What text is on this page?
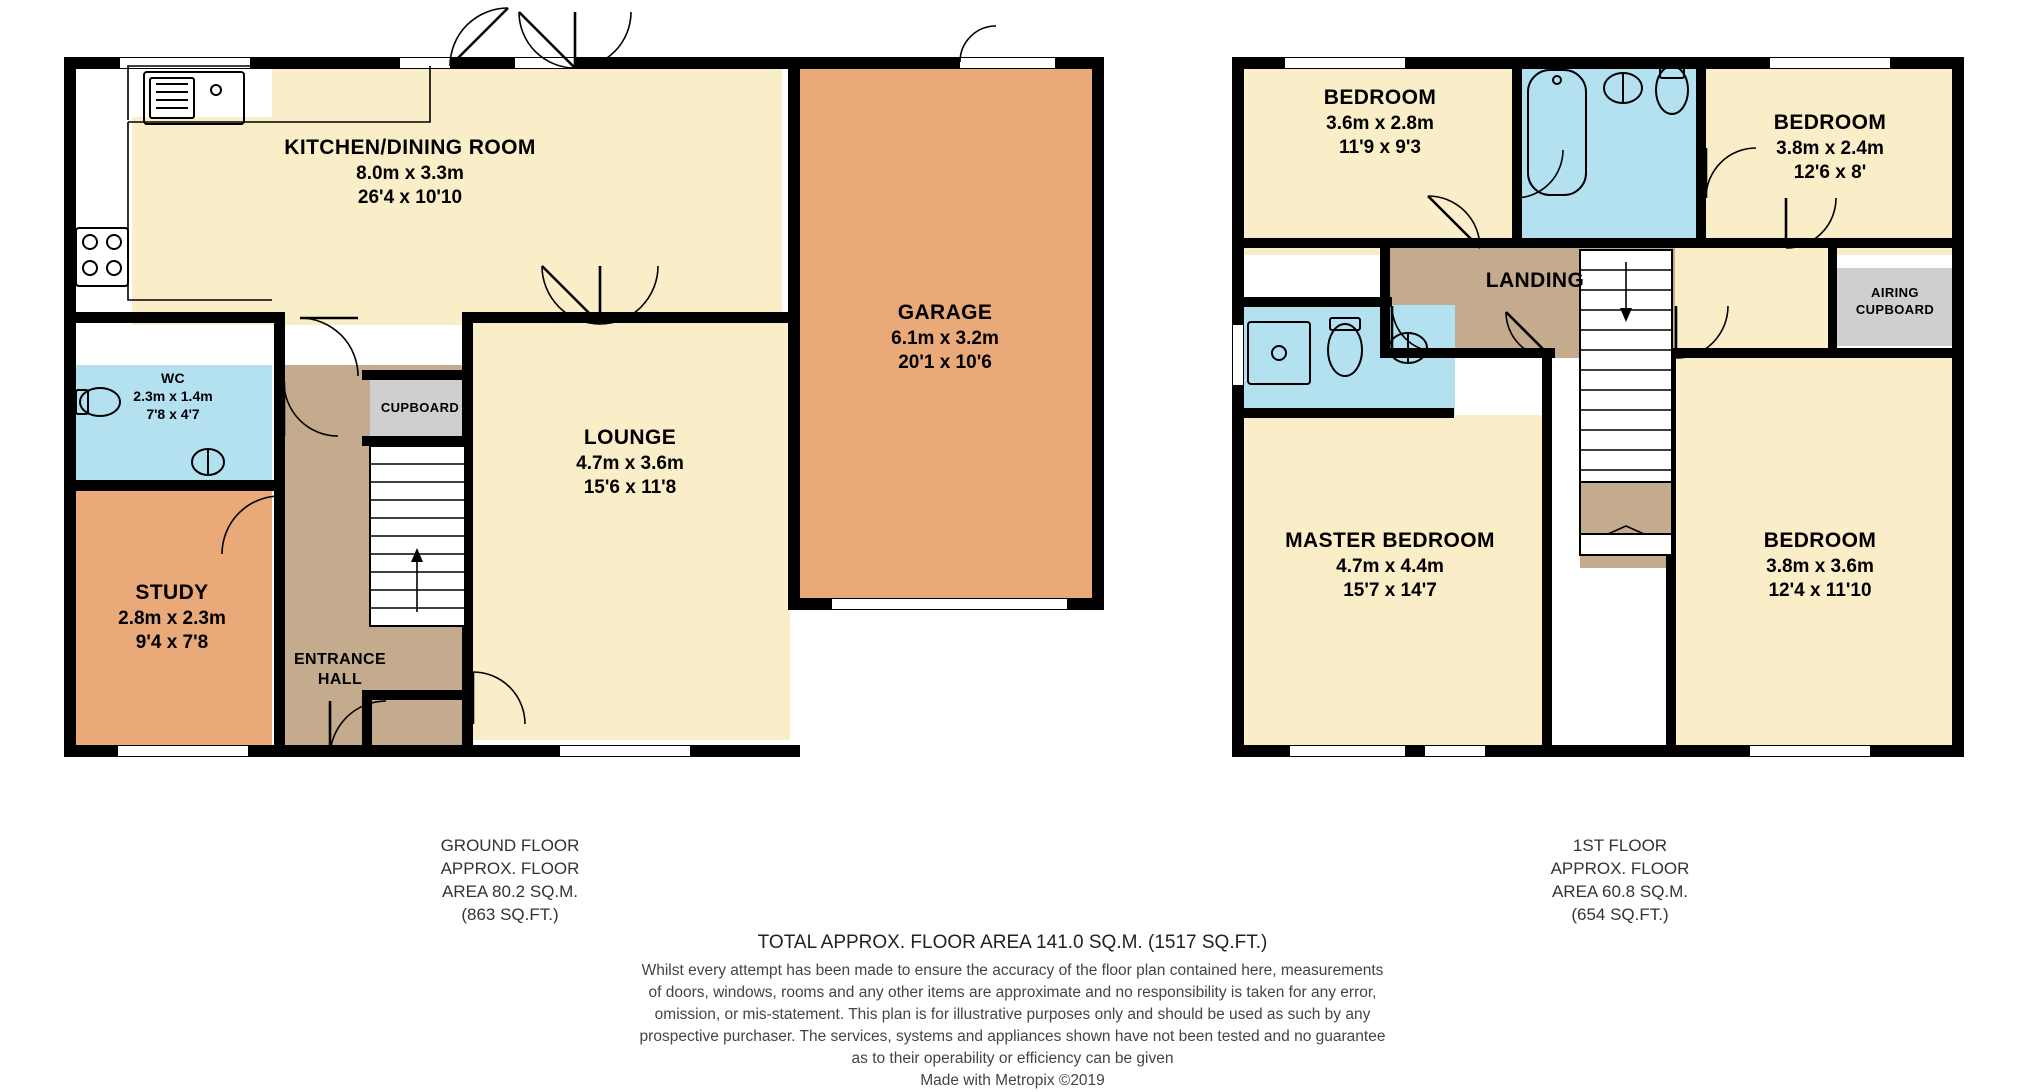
KITCHEN/DINING ROOM
8.0m x 3.3m
26'4 x 10'10
GARAGE
6.1m x 3.2m
20'1 x 10'6
LOUNGE
4.7m x 3.6m
15'6 x 11'8
WC
2.3m x 1.4m
7'8 x 4'7
STUDY
2.8m x 2.3m
9'4 x 7'8
CUPBOARD
ENTRANCE
HALL
BEDROOM
3.6m x 2.8m
11'9 x 9'3
BEDROOM
3.8m x 2.4m
12'6 x 8'
MASTER BEDROOM
4.7m x 4.4m
15'7 x 14'7
BEDROOM
3.8m x 3.6m
12'4 x 11'10
LANDING
AIRING
CUPBOARD
GROUND FLOOR
APPROX. FLOOR
AREA 80.2 SQ.M.
(863 SQ.FT.)
1ST FLOOR
APPROX. FLOOR
AREA 60.8 SQ.M.
(654 SQ.FT.)
TOTAL APPROX. FLOOR AREA 141.0 SQ.M. (1517 SQ.FT.)
Whilst every attempt has been made to ensure the accuracy of the floor plan contained here, measurements
of doors, windows, rooms and any other items are approximate and no responsibility is taken for any error,
omission, or mis-statement. This plan is for illustrative purposes only and should be used as such by any
prospective purchaser. The services, systems and appliances shown have not been tested and no guarantee
as to their operability or efficiency can be given
Made with Metropix ©2019
